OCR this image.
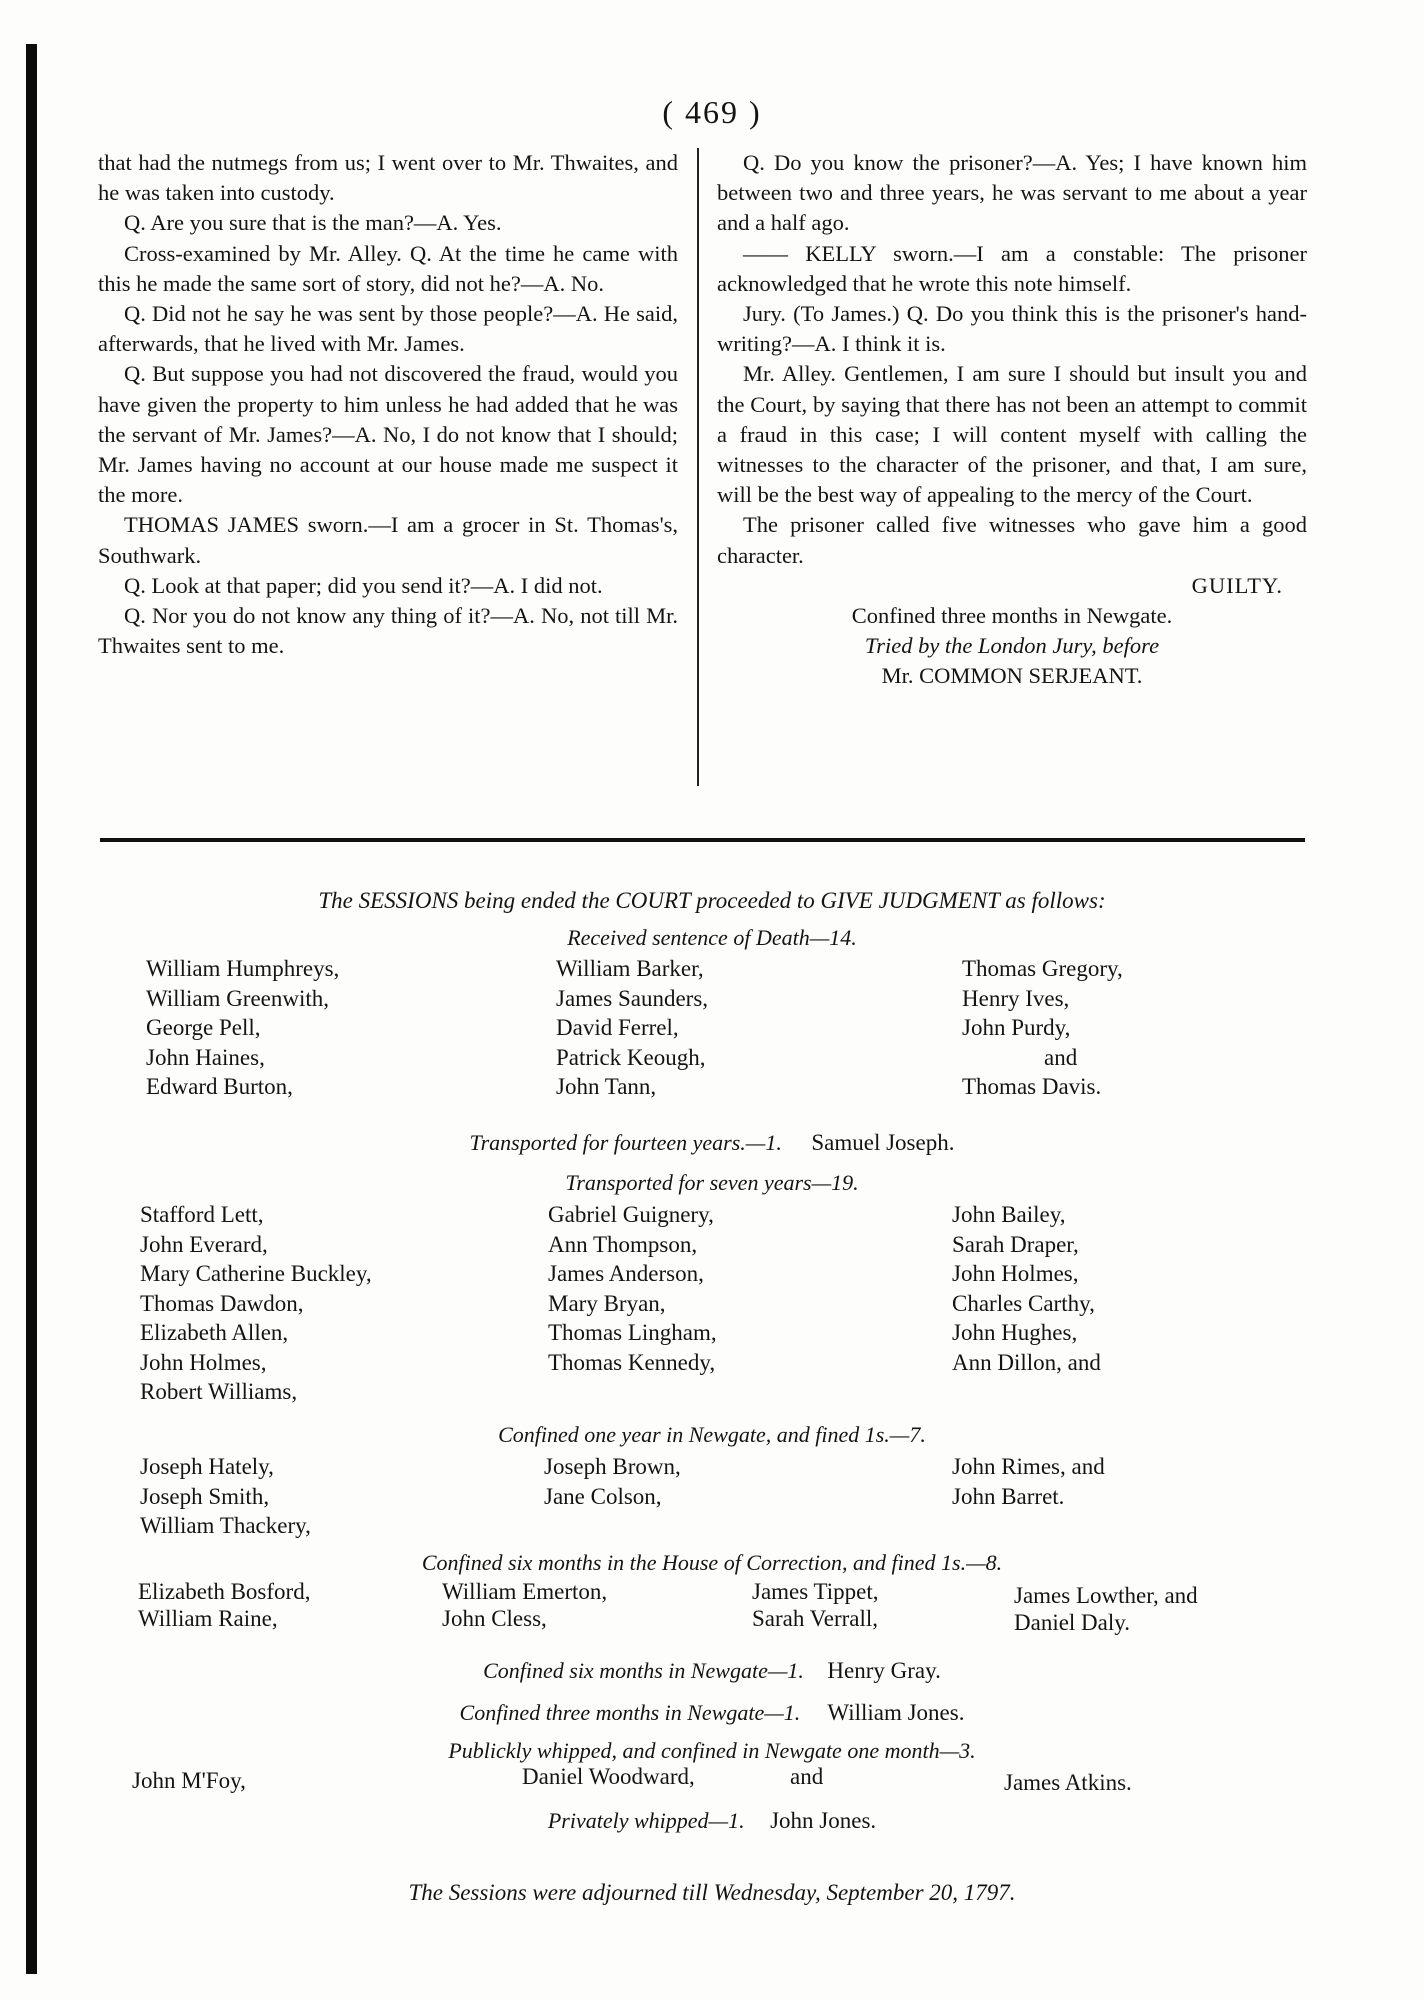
( 469 )

that had the nutmegs from us; I went over to Mr. Thwaites, and he was taken into custody.

Q. Are you sure that is the man?—A. Yes.

Cross-examined by Mr. Alley. Q. At the time he came with this he made the same sort of story, did not he?—A. No.

Q. Did not he say he was sent by those people?—A. He said, afterwards, that he lived with Mr. James.

Q. But suppose you had not discovered the fraud, would you have given the property to him unless he had added that he was the servant of Mr. James?—A. No, I do not know that I should; Mr. James having no account at our house made me suspect it the more.

THOMAS JAMES sworn.—I am a grocer in St. Thomas's, Southwark.

Q. Look at that paper; did you send it?—A. I did not.

Q. Nor you do not know any thing of it?—A. No, not till Mr. Thwaites sent to me.

Q. Do you know the prisoner?—A. Yes; I have known him between two and three years, he was servant to me about a year and a half ago.

—— KELLY sworn.—I am a constable: The prisoner acknowledged that he wrote this note himself.

Jury. (To James.) Q. Do you think this is the prisoner's hand-writing?—A. I think it is.

Mr. Alley. Gentlemen, I am sure I should but insult you and the Court, by saying that there has not been an attempt to commit a fraud in this case; I will content myself with calling the witnesses to the character of the prisoner, and that, I am sure, will be the best way of appealing to the mercy of the Court.

The prisoner called five witnesses who gave him a good character.

GUILTY.

Confined three months in Newgate.

Tried by the London Jury, before

Mr. COMMON SERJEANT.

The SESSIONS being ended the COURT proceeded to GIVE JUDGMENT as follows:
Received sentence of Death—14.
William Humphreys,
William Greenwith,
George Pell,
John Haines,
Edward Burton,
William Barker,
James Saunders,
David Ferrel,
Patrick Keough,
John Tann,
Thomas Gregory,
Henry Ives,
John Purdy,
and
Thomas Davis.
Transported for fourteen years.—1. Samuel Joseph.
Transported for seven years—19.
Stafford Lett,
John Everard,
Mary Catherine Buckley,
Thomas Dawdon,
Elizabeth Allen,
John Holmes,
Robert Williams,
Gabriel Guignery,
Ann Thompson,
James Anderson,
Mary Bryan,
Thomas Lingham,
Thomas Kennedy,
John Bailey,
Sarah Draper,
John Holmes,
Charles Carthy,
John Hughes,
Ann Dillon, and
Confined one year in Newgate, and fined 1s.—7.
Joseph Hately,
Joseph Smith,
William Thackery,
Joseph Brown,
Jane Colson,
John Rimes, and
John Barret.
Confined six months in the House of Correction, and fined 1s.—8.
Elizabeth Bosford,
William Raine,
William Emerton,
John Cless,
James Tippet,
Sarah Verrall,
James Lowther, and
Daniel Daly.
Confined six months in Newgate—1. Henry Gray.
Confined three months in Newgate—1. William Jones.
Publickly whipped, and confined in Newgate one month—3.
John M'Foy,	Daniel Woodward,	and	James Atkins.
Privately whipped—1. John Jones.
The Sessions were adjourned till Wednesday, September 20, 1797.
